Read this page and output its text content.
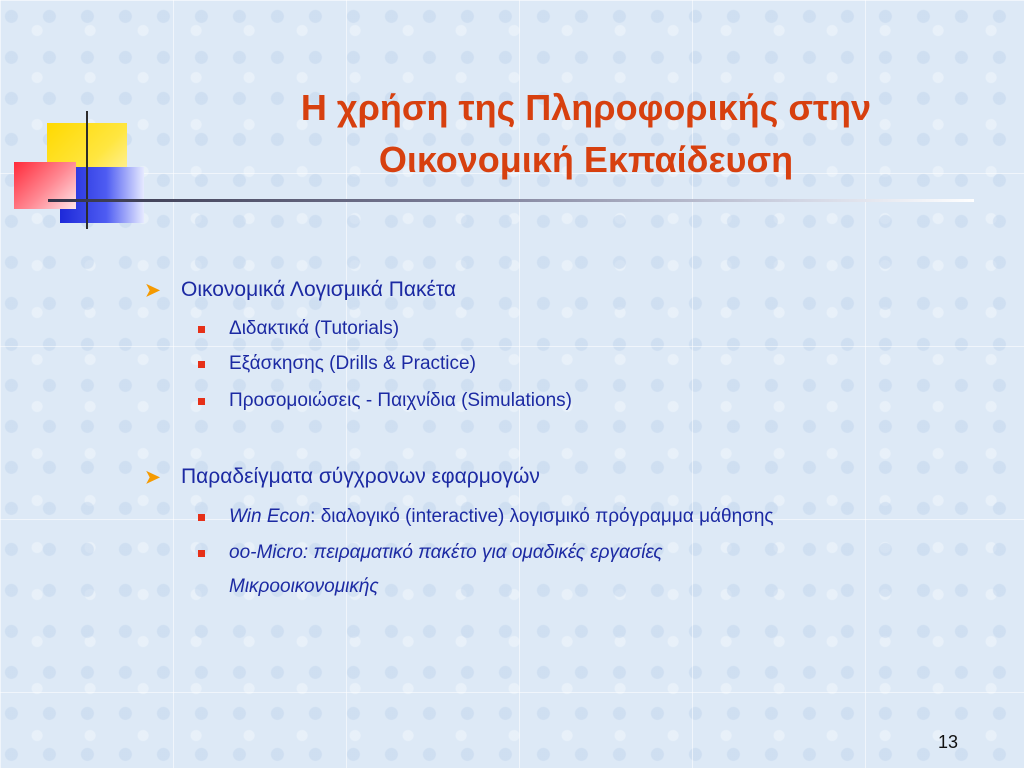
Η χρήση της Πληροφορικής στην
Οικονομική Εκπαίδευση
➤ Οικονομικά Λογισμικά Πακέτα
Διδακτικά (Tutorials)
Εξάσκησης (Drills & Practice)
Προσομοιώσεις - Παιχνίδια (Simulations)
➤ Παραδείγματα σύγχρονων εφαρμογών
Win Econ: διαλογικό (interactive) λογισμικό πρόγραμμα μάθησης
oo-Micro: πειραματικό πακέτο για ομαδικές εργασίες
Μικροοικονομικής
13
